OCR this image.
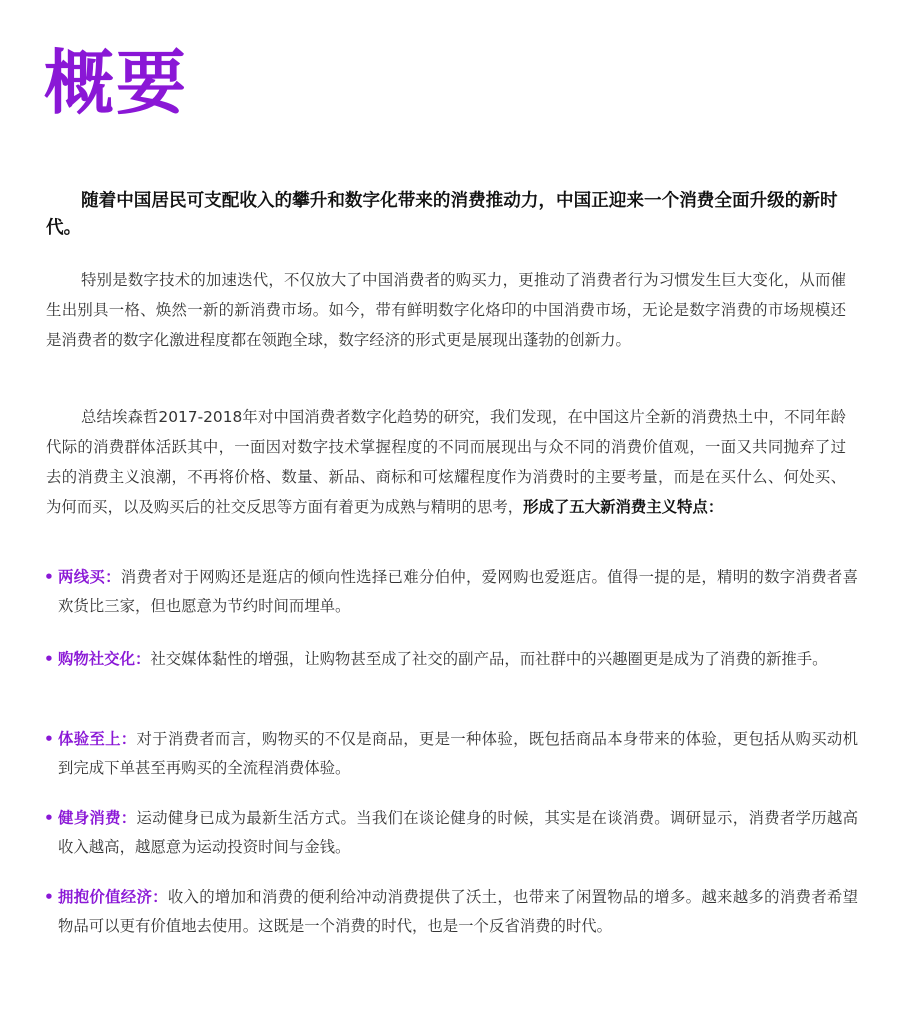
概要

随着中国居民可支配收入的攀升和数字化带来的消费推动力，中国正迎来一个消费全面升级的新时代。

特别是数字技术的加速迭代，不仅放大了中国消费者的购买力，更推动了消费者行为习惯发生巨大变化，从而催生出别具一格、焕然一新的新消费市场。如今，带有鲜明数字化烙印的中国消费市场，无论是数字消费的市场规模还是消费者的数字化激进程度都在领跑全球，数字经济的形式更是展现出蓬勃的创新力。

总结埃森哲2017-2018年对中国消费者数字化趋势的研究，我们发现，在中国这片全新的消费热土中，不同年龄代际的消费群体活跃其中，一面因对数字技术掌握程度的不同而展现出与众不同的消费价值观，一面又共同抛弃了过去的消费主义浪潮，不再将价格、数量、新品、商标和可炫耀程度作为消费时的主要考量，而是在买什么、何处买、为何而买，以及购买后的社交反思等方面有着更为成熟与精明的思考，形成了五大新消费主义特点：

• 两线买：消费者对于网购还是逛店的倾向性选择已难分伯仲，爱网购也爱逛店。值得一提的是，精明的数字消费者喜欢货比三家，但也愿意为节约时间而埋单。
• 购物社交化：社交媒体黏性的增强，让购物甚至成了社交的副产品，而社群中的兴趣圈更是成为了消费的新推手。
• 体验至上：对于消费者而言，购物买的不仅是商品，更是一种体验，既包括商品本身带来的体验，更包括从购买动机到完成下单甚至再购买的全流程消费体验。
• 健身消费：运动健身已成为最新生活方式。当我们在谈论健身的时候，其实是在谈消费。调研显示，消费者学历越高收入越高，越愿意为运动投资时间与金钱。
• 拥抱价值经济：收入的增加和消费的便利给冲动消费提供了沃土，也带来了闲置物品的增多。越来越多的消费者希望物品可以更有价值地去使用。这既是一个消费的时代，也是一个反省消费的时代。
